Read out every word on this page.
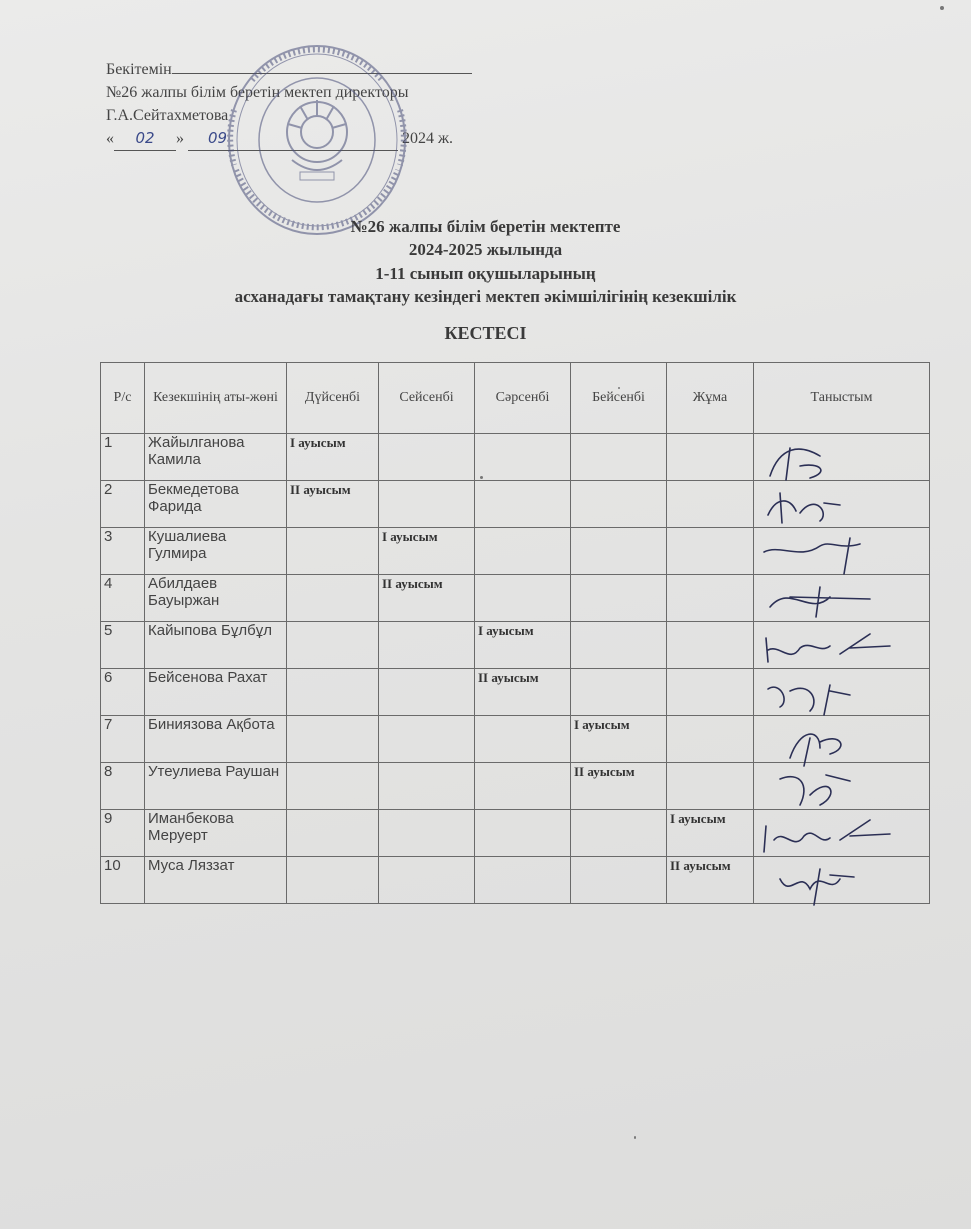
Бекітемін
№26 жалпы білім беретін мектеп директоры
Г.А.Сейтахметова
« 02 » 09	2024 ж.
№26 жалпы білім беретін мектепте
2024-2025 жылында
1-11 сынып оқушыларының
асханадағы тамақтану кезіндегі мектеп әкімшілігінің кезекшілік
КЕСТЕСІ
Р/с	Кезекшінің аты-жөні	Дүйсенбі	Сейсенбі	Сәрсенбі	Бейсенбі	Жұма	Таныстым
1	Жайылганова Камила	I ауысым					

2	Бекмедетова Фарида	II ауысым					

3	Кушалиева Гулмира		I ауысым				

4	Абилдаев Бауыржан		II ауысым				

5	Кайыпова Бұлбұл			I ауысым			

6	Бейсенова Рахат			II ауысым			

7	Биниязова Ақбота				I ауысым		

8	Утеулиева Раушан				II ауысым		

9	Иманбекова Меруерт					I ауысым	

10	Муса Ляззат					II ауысым	
